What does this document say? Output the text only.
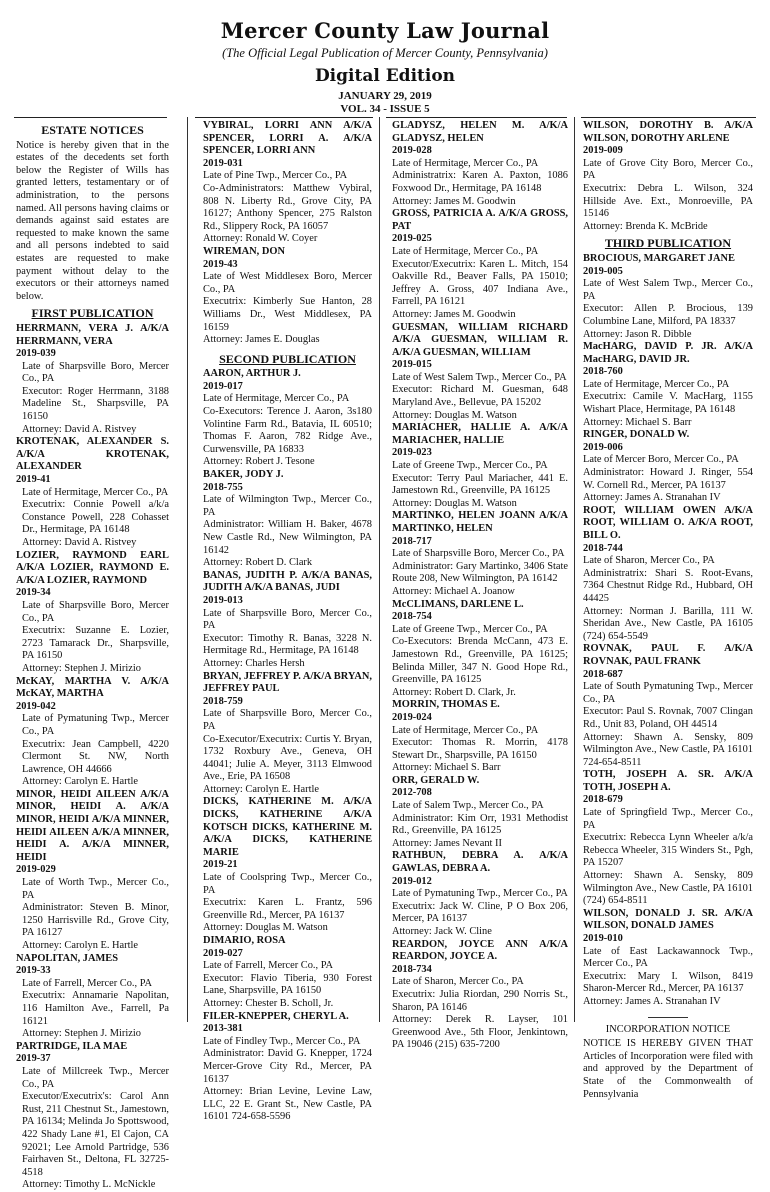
Mercer County Law Journal
(The Official Legal Publication of Mercer County, Pennsylvania)
Digital Edition
JANUARY 29, 2019
VOL. 34 - ISSUE 5
ESTATE NOTICES
Notice is hereby given that in the estates of the decedents set forth below the Register of Wills has granted letters, testamentary or of administration, to the persons named. All persons having claims or demands against said estates are requested to make known the same and all persons indebted to said estates are requested to make payment without delay to the executors or their attorneys named below.
FIRST PUBLICATION
HERRMANN, VERA J. A/K/A HERRMANN, VERA
2019-039
Late of Sharpsville Boro, Mercer Co., PA
Executor: Roger Herrmann, 3188 Madeline St., Sharpsville, PA 16150
Attorney: David A. Ristvey
KROTENAK, ALEXANDER S. A/K/A KROTENAK, ALEXANDER
2019-41
Late of Hermitage, Mercer Co., PA
Executrix: Connie Powell a/k/a Constance Powell, 228 Cohasset Dr., Hermitage, PA 16148
Attorney: David A. Ristvey
LOZIER, RAYMOND EARL A/K/A LOZIER, RAYMOND E. A/K/A LOZIER, RAYMOND
2019-34
Late of Sharpsville Boro, Mercer Co., PA
Executrix: Suzanne E. Lozier, 2723 Tamarack Dr., Sharpsville, PA 16150
Attorney: Stephen J. Mirizio
McKAY, MARTHA V. A/K/A McKAY, MARTHA
2019-042
Late of Pymatuning Twp., Mercer Co., PA
Executrix: Jean Campbell, 4220 Clermont St. NW, North Lawrence, OH 44666
Attorney: Carolyn E. Hartle
MINOR, HEIDI AILEEN A/K/A MINOR, HEIDI A. A/K/A MINOR, HEIDI A/K/A MINNER, HEIDI AILEEN A/K/A MINNER, HEIDI A. A/K/A MINNER, HEIDI
2019-029
Late of Worth Twp., Mercer Co., PA
Administrator: Steven B. Minor, 1250 Harrisville Rd., Grove City, PA 16127
Attorney: Carolyn E. Hartle
NAPOLITAN, JAMES
2019-33
Late of Farrell, Mercer Co., PA
Executrix: Annamarie Napolitan, 116 Hamilton Ave., Farrell, Pa 16121
Attorney: Stephen J. Mirizio
PARTRIDGE, ILA MAE
2019-37
Late of Millcreek Twp., Mercer Co., PA
Executor/Executrix's: Carol Ann Rust, 211 Chestnut St., Jamestown, PA 16134; Melinda Jo Spottswood, 422 Shady Lane #1, El Cajon, CA 92021; Lee Arnold Partridge, 536 Fairhaven St., Deltona, FL 32725-4518
Attorney: Timothy L. McNickle
VYBIRAL, LORRI ANN A/K/A SPENCER, LORRI A. A/K/A SPENCER, LORRI ANN
2019-031
Late of Pine Twp., Mercer Co., PA
Co-Administrators: Matthew Vybiral, 808 N. Liberty Rd., Grove City, PA 16127; Anthony Spencer, 275 Ralston Rd., Slippery Rock, PA 16057
Attorney: Ronald W. Coyer
WIREMAN, DON
2019-43
Late of West Middlesex Boro, Mercer Co., PA
Executrix: Kimberly Sue Hanton, 28 Williams Dr., West Middlesex, PA 16159
Attorney: James E. Douglas
SECOND PUBLICATION
AARON, ARTHUR J.
2019-017
Late of Hermitage, Mercer Co., PA
Co-Executors: Terence J. Aaron, 3s180 Volintine Farm Rd., Batavia, IL 60510; Thomas F. Aaron, 782 Ridge Ave., Curwensville, PA 16833
Attorney: Robert J. Tesone
BAKER, JODY J.
2018-755
Late of Wilmington Twp., Mercer Co., PA
Administrator: William H. Baker, 4678 New Castle Rd., New Wilmington, PA 16142
Attorney: Robert D. Clark
BANAS, JUDITH P. A/K/A BANAS, JUDITH A/K/A BANAS, JUDI
2019-013
Late of Sharpsville Boro, Mercer Co., PA
Executor: Timothy R. Banas, 3228 N. Hermitage Rd., Hermitage, PA 16148
Attorney: Charles Hersh
BRYAN, JEFFREY P. A/K/A BRYAN, JEFFREY PAUL
2018-759
Late of Sharpsville Boro, Mercer Co., PA
Co-Executor/Executrix: Curtis Y. Bryan, 1732 Roxbury Ave., Geneva, OH 44041; Julie A. Meyer, 3113 Elmwood Ave., Erie, PA 16508
Attorney: Carolyn E. Hartle
DICKS, KATHERINE M. A/K/A DICKS, KATHERINE A/K/A KOTSCH DICKS, KATHERINE M. A/K/A DICKS, KATHERINE MARIE
2019-21
Late of Coolspring Twp., Mercer Co., PA
Executrix: Karen L. Frantz, 596 Greenville Rd., Mercer, PA 16137
Attorney: Douglas M. Watson
DIMARIO, ROSA
2019-027
Late of Farrell, Mercer Co., PA
Executor: Flavio Tiberia, 930 Forest Lane, Sharpsville, PA 16150
Attorney: Chester B. Scholl, Jr.
FILER-KNEPPER, CHERYL A.
2013-381
Late of Findley Twp., Mercer Co., PA
Administrator: David G. Knepper, 1724 Mercer-Grove City Rd., Mercer, PA 16137
Attorney: Brian Levine, Levine Law, LLC, 22 E. Grant St., New Castle, PA 16101 724-658-5596
GLADYSZ, HELEN M. A/K/A GLADYSZ, HELEN
2019-028
Late of Hermitage, Mercer Co., PA
Administratrix: Karen A. Paxton, 1086 Foxwood Dr., Hermitage, PA 16148
Attorney: James M. Goodwin
GROSS, PATRICIA A. A/K/A GROSS, PAT
2019-025
Late of Hermitage, Mercer Co., PA
Executor/Executrix: Karen L. Mitch, 154 Oakville Rd., Beaver Falls, PA 15010; Jeffrey A. Gross, 407 Indiana Ave., Farrell, PA 16121
Attorney: James M. Goodwin
GUESMAN, WILLIAM RICHARD A/K/A GUESMAN, WILLIAM R. A/K/A GUESMAN, WILLIAM
2019-015
Late of West Salem Twp., Mercer Co., PA
Executor: Richard M. Guesman, 648 Maryland Ave., Bellevue, PA 15202
Attorney: Douglas M. Watson
MARIACHER, HALLIE A. A/K/A MARIACHER, HALLIE
2019-023
Late of Greene Twp., Mercer Co., PA
Executor: Terry Paul Mariacher, 441 E. Jamestown Rd., Greenville, PA 16125
Attorney: Douglas M. Watson
MARTINKO, HELEN JOANN A/K/A MARTINKO, HELEN
2018-717
Late of Sharpsville Boro, Mercer Co., PA
Administrator: Gary Martinko, 3406 State Route 208, New Wilmington, PA 16142
Attorney: Michael A. Joanow
McCLIMANS, DARLENE L.
2018-754
Late of Greene Twp., Mercer Co., PA
Co-Executors: Brenda McCann, 473 E. Jamestown Rd., Greenville, PA 16125; Belinda Miller, 347 N. Good Hope Rd., Greenville, PA 16125
Attorney: Robert D. Clark, Jr.
MORRIN, THOMAS E.
2019-024
Late of Hermitage, Mercer Co., PA
Executor: Thomas R. Morrin, 4178 Stewart Dr., Sharpsville, PA 16150
Attorney: Michael S. Barr
ORR, GERALD W.
2012-708
Late of Salem Twp., Mercer Co., PA
Administrator: Kim Orr, 1931 Methodist Rd., Greenville, PA 16125
Attorney: James Nevant II
RATHBUN, DEBRA A. A/K/A GAWLAS, DEBRA A.
2019-012
Late of Pymatuning Twp., Mercer Co., PA
Executrix: Jack W. Cline, P O Box 206, Mercer, PA 16137
Attorney: Jack W. Cline
REARDON, JOYCE ANN A/K/A REARDON, JOYCE A.
2018-734
Late of Sharon, Mercer Co., PA
Executrix: Julia Riordan, 290 Norris St., Sharon, PA 16146
Attorney: Derek R. Layser, 101 Greenwood Ave., 5th Floor, Jenkintown, PA 19046 (215) 635-7200
WILSON, DOROTHY B. A/K/A WILSON, DOROTHY ARLENE
2019-009
Late of Grove City Boro, Mercer Co., PA
Executrix: Debra L. Wilson, 324 Hillside Ave. Ext., Monroeville, PA 15146
Attorney: Brenda K. McBride
THIRD PUBLICATION
BROCIOUS, MARGARET JANE
2019-005
Late of West Salem Twp., Mercer Co., PA
Executor: Allen P. Brocious, 139 Columbine Lane, Milford, PA 18337
Attorney: Jason R. Dibble
MacHARG, DAVID P. JR. A/K/A MacHARG, DAVID JR.
2018-760
Late of Hermitage, Mercer Co., PA
Executrix: Camile V. MacHarg, 1155 Wishart Place, Hermitage, PA 16148
Attorney: Michael S. Barr
RINGER, DONALD W.
2019-006
Late of Mercer Boro, Mercer Co., PA
Administrator: Howard J. Ringer, 554 W. Cornell Rd., Mercer, PA 16137
Attorney: James A. Stranahan IV
ROOT, WILLIAM OWEN A/K/A ROOT, WILLIAM O. A/K/A ROOT, BILL O.
2018-744
Late of Sharon, Mercer Co., PA
Administratrix: Shari S. Root-Evans, 7364 Chestnut Ridge Rd., Hubbard, OH 44425
Attorney: Norman J. Barilla, 111 W. Sheridan Ave., New Castle, PA 16105 (724) 654-5549
ROVNAK, PAUL F. A/K/A ROVNAK, PAUL FRANK
2018-687
Late of South Pymatuning Twp., Mercer Co., PA
Executor: Paul S. Rovnak, 7007 Clingan Rd., Unit 83, Poland, OH 44514
Attorney: Shawn A. Sensky, 809 Wilmington Ave., New Castle, PA 16101 724-654-8511
TOTH, JOSEPH A. SR. A/K/A TOTH, JOSEPH A.
2018-679
Late of Springfield Twp., Mercer Co., PA
Executrix: Rebecca Lynn Wheeler a/k/a Rebecca Wheeler, 315 Winders St., Pgh, PA 15207
Attorney: Shawn A. Sensky, 809 Wilmington Ave., New Castle, PA 16101 (724) 654-8511
WILSON, DONALD J. SR. A/K/A WILSON, DONALD JAMES
2019-010
Late of East Lackawannock Twp., Mercer Co., PA
Executrix: Mary I. Wilson, 8419 Sharon-Mercer Rd., Mercer, PA 16137
Attorney: James A. Stranahan IV
INCORPORATION NOTICE
NOTICE IS HEREBY GIVEN THAT Articles of Incorporation were filed with and approved by the Department of State of the Commonwealth of Pennsylvania
